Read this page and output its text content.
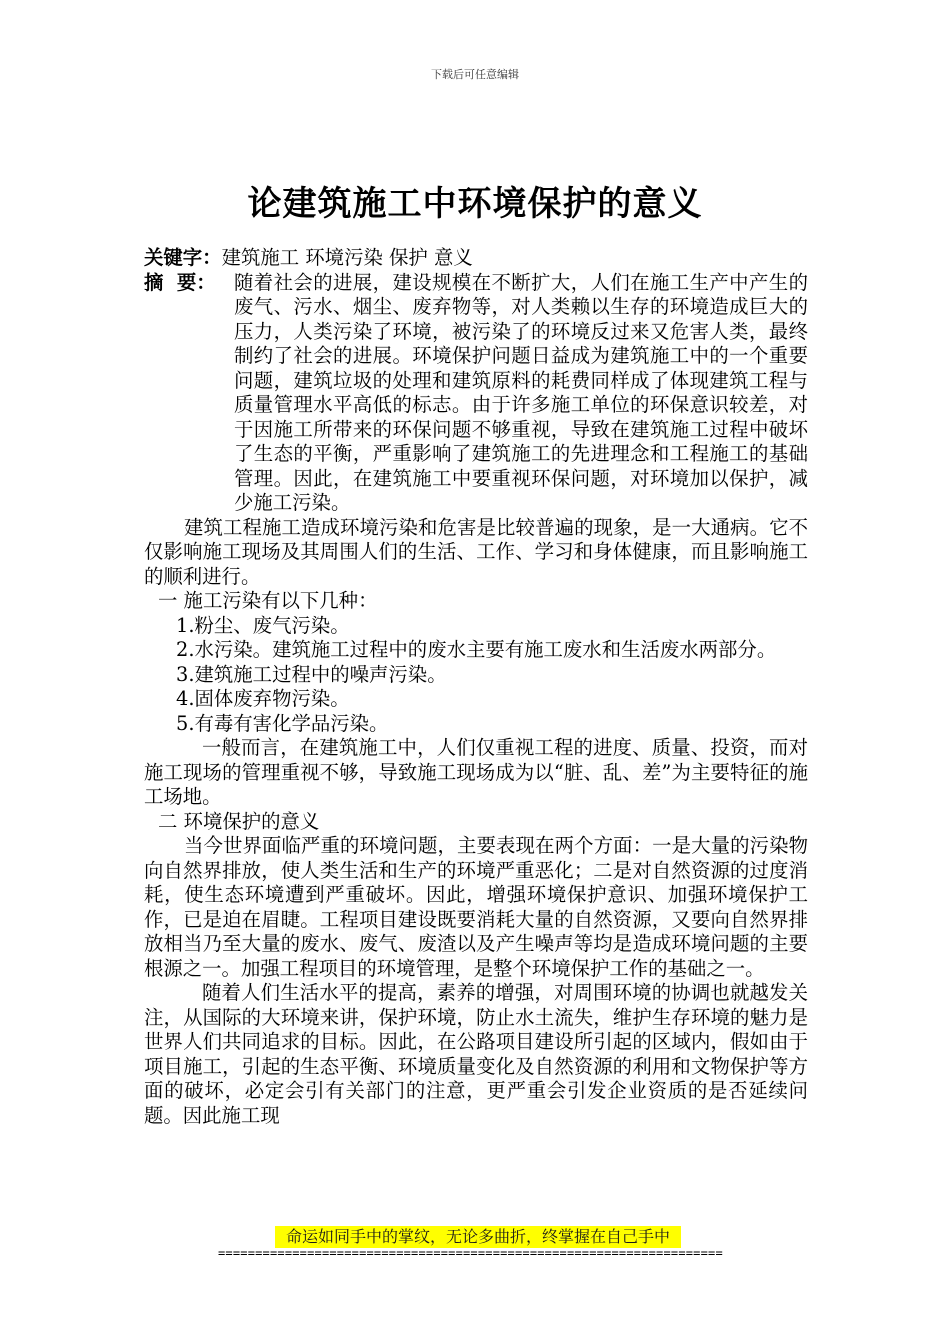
下载后可任意编辑
论建筑施工中环境保护的意义

关键字：建筑施工 环境污染 保护 意义

摘  要： 随着社会的进展，建设规模在不断扩大，人们在施工生产中产生的废气、污水、烟尘、废弃物等，对人类赖以生存的环境造成巨大的压力，人类污染了环境，被污染了的环境反过来又危害人类，最终制约了社会的进展。环境保护问题日益成为建筑施工中的一个重要问题，建筑垃圾的处理和建筑原料的耗费同样成了体现建筑工程与质量管理水平高低的标志。由于许多施工单位的环保意识较差，对于因施工所带来的环保问题不够重视，导致在建筑施工过程中破坏了生态的平衡，严重影响了建筑施工的先进理念和工程施工的基础管理。因此，在建筑施工中要重视环保问题，对环境加以保护，减少施工污染。

建筑工程施工造成环境污染和危害是比较普遍的现象，是一大通病。它不仅影响施工现场及其周围人们的生活、工作、学习和身体健康，而且影响施工的顺利进行。

一 施工污染有以下几种：

1.粉尘、废气污染。

2.水污染。建筑施工过程中的废水主要有施工废水和生活废水两部分。

3.建筑施工过程中的噪声污染。

4.固体废弃物污染。

5.有毒有害化学品污染。

一般而言，在建筑施工中，人们仅重视工程的进度、质量、投资，而对施工现场的管理重视不够，导致施工现场成为以“脏、乱、差”为主要特征的施工场地。

二 环境保护的意义

当今世界面临严重的环境问题，主要表现在两个方面：一是大量的污染物向自然界排放，使人类生活和生产的环境严重恶化；二是对自然资源的过度消耗，使生态环境遭到严重破坏。因此，增强环境保护意识、加强环境保护工作，已是迫在眉睫。工程项目建设既要消耗大量的自然资源，又要向自然界排放相当乃至大量的废水、废气、废渣以及产生噪声等均是造成环境问题的主要根源之一。加强工程项目的环境管理，是整个环境保护工作的基础之一。

随着人们生活水平的提高，素养的增强，对周围环境的协调也就越发关注，从国际的大环境来讲，保护环境，防止水土流失，维护生存环境的魅力是世界人们共同追求的目标。因此，在公路项目建设所引起的区域内，假如由于项目施工，引起的生态平衡、环境质量变化及自然资源的利用和文物保护等方面的破坏，必定会引有关部门的注意，更严重会引发企业资质的是否延续问题。因此施工现

命运如同手中的掌纹，无论多曲折，终掌握在自己手中
====================================================================
